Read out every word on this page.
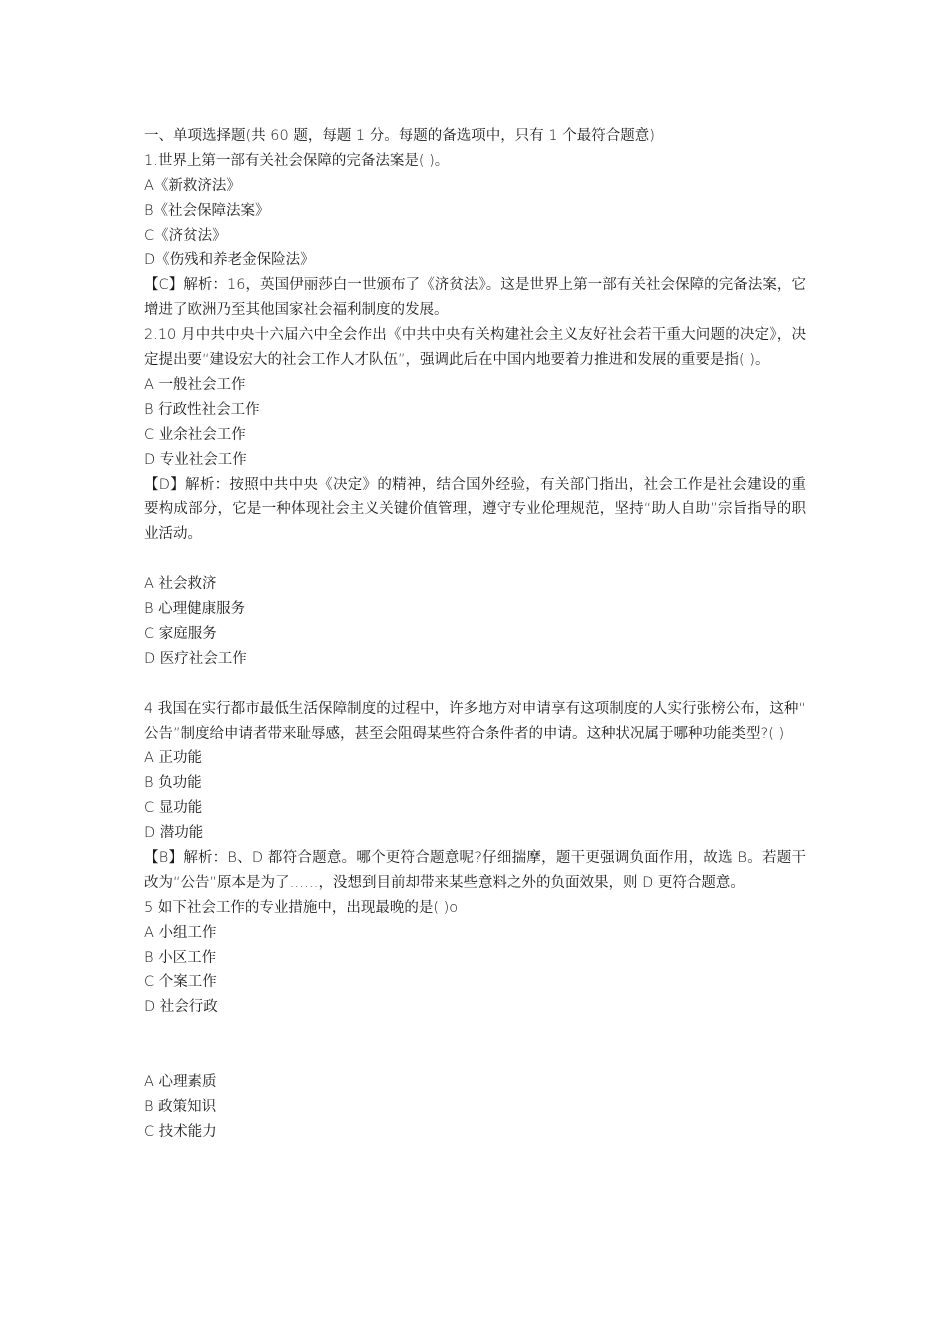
一、单项选择题(共 60 题，每题 1 分。每题的备选项中，只有 1 个最符合题意)
1.世界上第一部有关社会保障的完备法案是( )。
A《新救济法》
B《社会保障法案》
C《济贫法》
D《伤残和养老金保险法》
【C】解析：16，英国伊丽莎白一世颁布了《济贫法》。这是世界上第一部有关社会保障的完备法案，它增进了欧洲乃至其他国家社会福利制度的发展。
2.10 月中共中央十六届六中全会作出《中共中央有关构建社会主义友好社会若干重大问题的决定》，决定提出要“建设宏大的社会工作人才队伍”，强调此后在中国内地要着力推进和发展的重要是指( )。
A 一般社会工作
B 行政性社会工作
C 业余社会工作
D 专业社会工作
【D】解析：按照中共中央《决定》的精神，结合国外经验，有关部门指出，社会工作是社会建设的重要构成部分，它是一种体现社会主义关键价值管理，遵守专业伦理规范，坚持“助人自助”宗旨指导的职业活动。
A 社会救济
B 心理健康服务
C 家庭服务
D 医疗社会工作
4 我国在实行都市最低生活保障制度的过程中，许多地方对申请享有这项制度的人实行张榜公布，这种“公告”制度给申请者带来耻辱感，甚至会阻碍某些符合条件者的申请。这种状况属于哪种功能类型?( )
A 正功能
B 负功能
C 显功能
D 潜功能
【B】解析：B、D 都符合题意。哪个更符合题意呢?仔细揣摩，题干更强调负面作用，故选 B。若题干改为“公告”原本是为了……，没想到目前却带来某些意料之外的负面效果，则 D 更符合题意。
5 如下社会工作的专业措施中，出现最晚的是( )o
A 小组工作
B 小区工作
C 个案工作
D 社会行政
A 心理素质
B 政策知识
C 技术能力
